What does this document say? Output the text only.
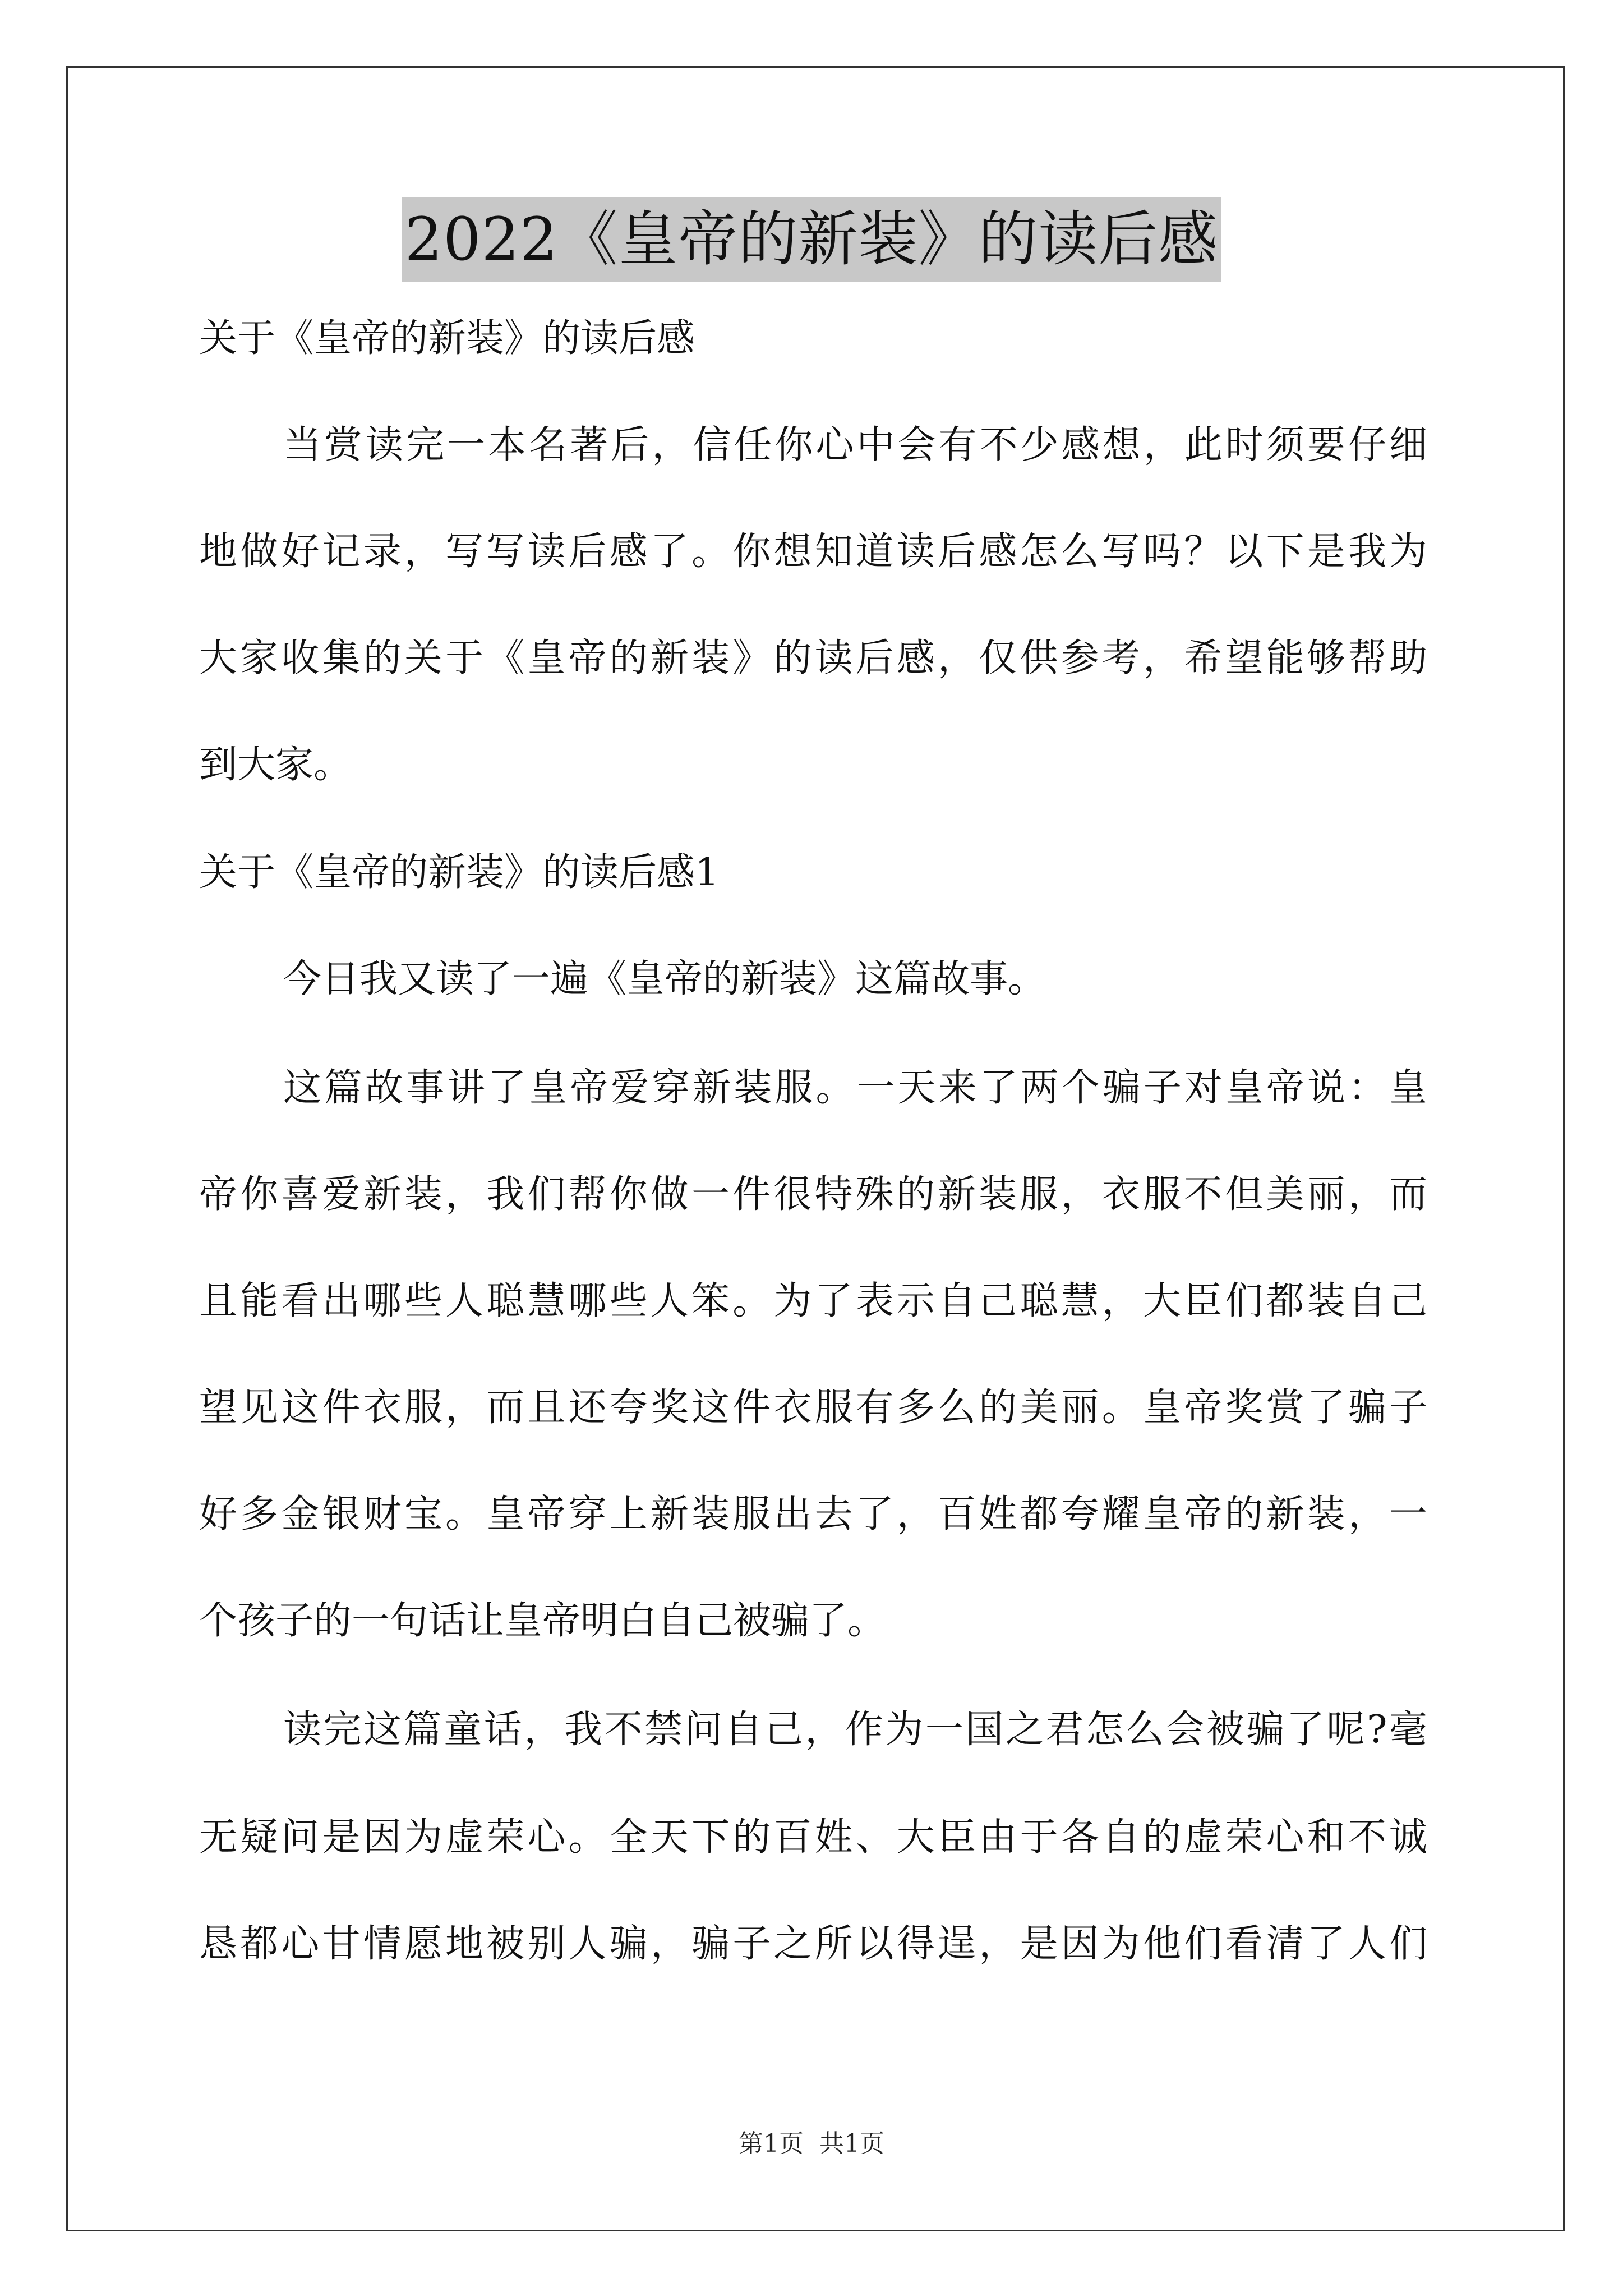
2022《皇帝的新装》的读后感
关于《皇帝的新装》的读后感
当赏读完一本名著后，信任你心中会有不少感想，此时须要仔细
地做好记录，写写读后感了。你想知道读后感怎么写吗？以下是我为
大家收集的关于《皇帝的新装》的读后感，仅供参考，希望能够帮助
到大家。
关于《皇帝的新装》的读后感1
今日我又读了一遍《皇帝的新装》这篇故事。
这篇故事讲了皇帝爱穿新装服。一天来了两个骗子对皇帝说：皇
帝你喜爱新装，我们帮你做一件很特殊的新装服，衣服不但美丽，而
且能看出哪些人聪慧哪些人笨。为了表示自己聪慧，大臣们都装自己
望见这件衣服，而且还夸奖这件衣服有多么的美丽。皇帝奖赏了骗子
好多金银财宝。皇帝穿上新装服出去了，百姓都夸耀皇帝的新装，一
个孩子的一句话让皇帝明白自己被骗了。
读完这篇童话，我不禁问自己，作为一国之君怎么会被骗了呢?毫
无疑问是因为虚荣心。全天下的百姓、大臣由于各自的虚荣心和不诚
恳都心甘情愿地被别人骗，骗子之所以得逞，是因为他们看清了人们
第1页 共1页
